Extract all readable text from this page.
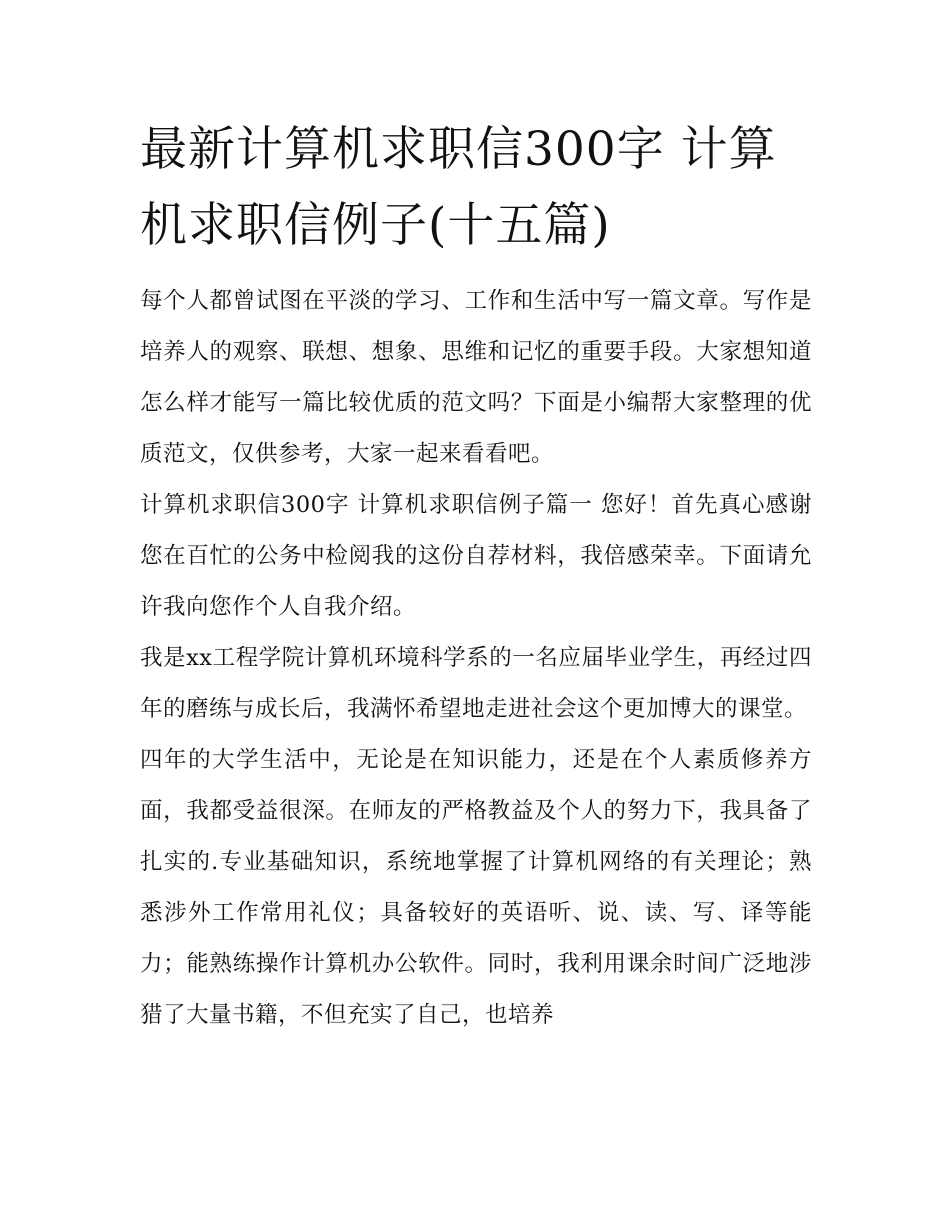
最新计算机求职信300字 计算机求职信例子(十五篇)

每个人都曾试图在平淡的学习、工作和生活中写一篇文章。写作是培养人的观察、联想、想象、思维和记忆的重要手段。大家想知道怎么样才能写一篇比较优质的范文吗？下面是小编帮大家整理的优质范文，仅供参考，大家一起来看看吧。

计算机求职信300字 计算机求职信例子篇一 您好！首先真心感谢您在百忙的公务中检阅我的这份自荐材料，我倍感荣幸。下面请允许我向您作个人自我介绍。

我是xx工程学院计算机环境科学系的一名应届毕业学生，再经过四年的磨练与成长后，我满怀希望地走进社会这个更加博大的课堂。

四年的大学生活中，无论是在知识能力，还是在个人素质修养方面，我都受益很深。在师友的严格教益及个人的努力下，我具备了扎实的.专业基础知识，系统地掌握了计算机网络的有关理论；熟悉涉外工作常用礼仪；具备较好的英语听、说、读、写、译等能力；能熟练操作计算机办公软件。同时，我利用课余时间广泛地涉猎了大量书籍，不但充实了自己，也培养
